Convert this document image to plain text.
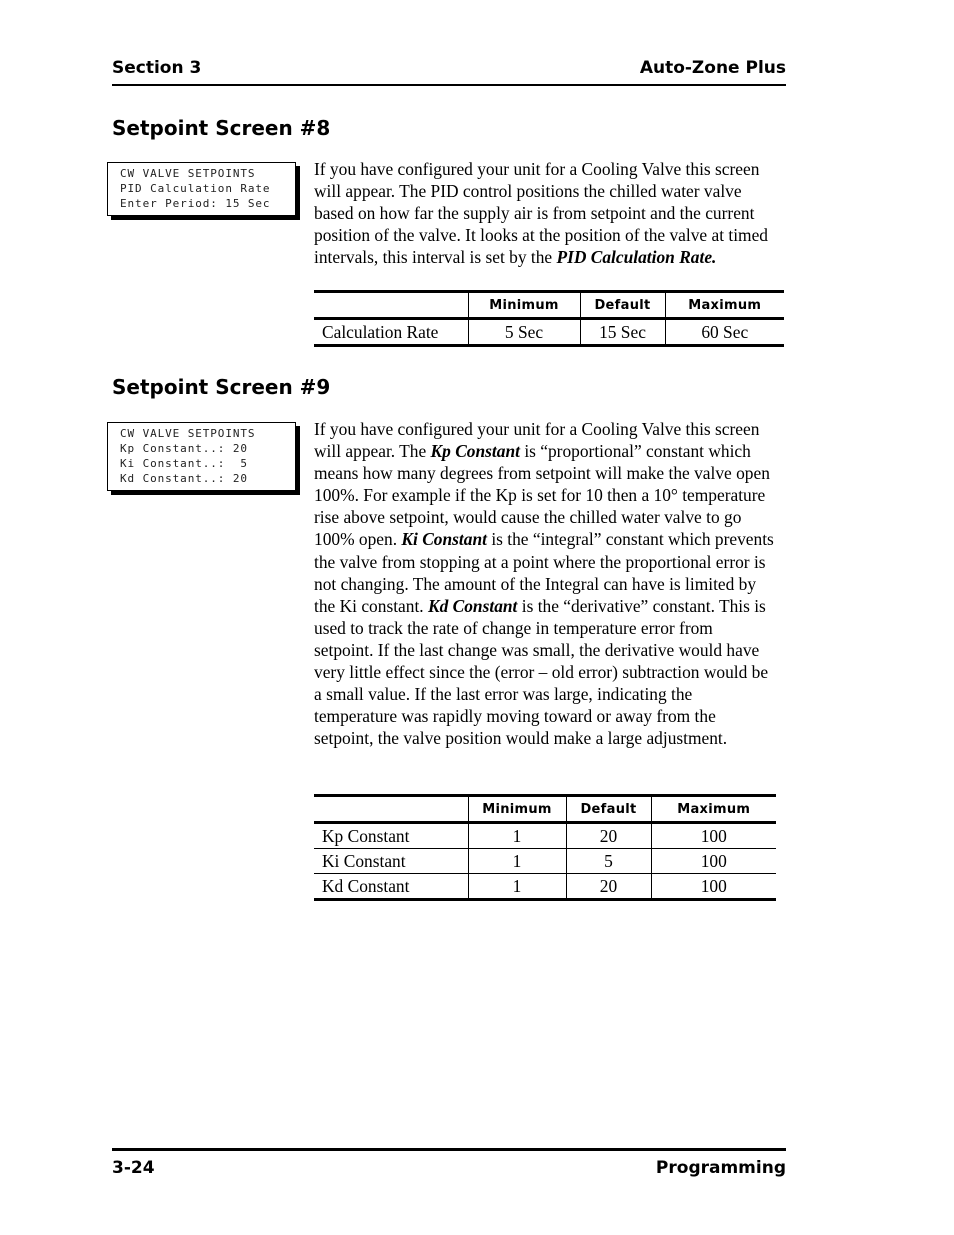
Section 3	Auto-Zone Plus
Setpoint Screen #8
CW VALVE SETPOINTS
PID Calculation Rate
Enter Period: 15 Sec

If you have configured your unit for a Cooling Valve this screen will appear. The PID control positions the chilled water valve based on how far the supply air is from setpoint and the current position of the valve. It looks at the position of the valve at timed intervals, this interval is set by the PID Calculation Rate.

	Minimum	Default	Maximum
Calculation Rate	5 Sec	15 Sec	60 Sec
Setpoint Screen #9
CW VALVE SETPOINTS
Kp Constant..: 20
Ki Constant..:  5
Kd Constant..: 20

If you have configured your unit for a Cooling Valve this screen will appear. The Kp Constant is “proportional” constant which means how many degrees from setpoint will make the valve open 100%. For example if the Kp is set for 10 then a 10° temperature rise above setpoint, would cause the chilled water valve to go 100% open. Ki Constant is the “integral” constant which prevents the valve from stopping at a point where the proportional error is not changing. The amount of the Integral can have is limited by the Ki constant. Kd Constant is the “derivative” constant. This is used to track the rate of change in temperature error from setpoint. If the last change was small, the derivative would have very little effect since the (error – old error) subtraction would be a small value. If the last error was large, indicating the temperature was rapidly moving toward or away from the setpoint, the valve position would make a large adjustment.

	Minimum	Default	Maximum
Kp Constant	1	20	100
Ki Constant	1	5	100
Kd Constant	1	20	100
3-24	Programming
